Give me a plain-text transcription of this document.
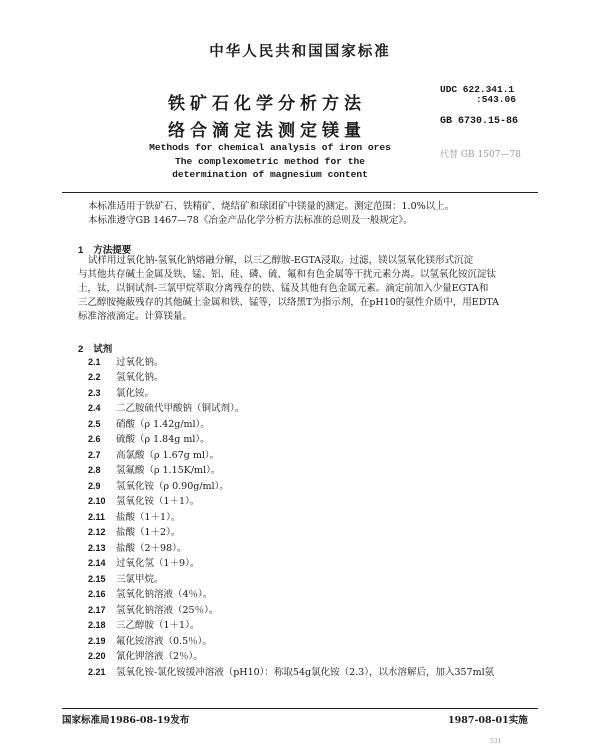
中华人民共和国国家标准
铁矿石化学分析方法
络合滴定法测定镁量
UDC 622.341.1
:543.06
GB 6730.15-86
代替 GB 1507—78
Methods for chemical analysis of iron ores
The complexometric method for the
determination of magnesium content
本标准适用于铁矿石、铁精矿、烧结矿和球团矿中镁量的测定。测定范围：1.0%以上。
本标准遵守GB 1467—78《冶金产品化学分析方法标准的总则及一般规定》。
1 方法提要
试样用过氧化钠-氢氧化钠熔融分解，以三乙醇胺-EGTA浸取。过滤，镁以氢氧化镁形式沉淀
与其他共存碱土金属及铁、锰、铝、硅、磷、硫、氟和有色金属等干扰元素分离。以氢氧化铵沉淀钛
土，钛，以铜试剂-三氯甲烷萃取分离残存的铁、锰及其他有色金属元素。滴定前加入少量EGTA和
三乙醇胺掩蔽残存的其他碱土金属和铁、锰等，以络黑T为指示剂，在pH10的氨性介质中，用EDTA
标准溶液滴定。计算镁量。
2 试剂
2.1 过氧化钠。
2.2 氢氧化钠。
2.3 氯化铵。
2.4 二乙胺硫代甲酸钠（铜试剂）。
2.5 硝酸（ρ 1.42g/ml）。
2.6 硫酸（ρ 1.84g ml）。
2.7 高氯酸（ρ 1.67g ml）。
2.8 氢氟酸（ρ 1.15K/ml）。
2.9 氢氧化铵（ρ 0.90g/ml）。
2.10 氢氧化铵（1＋1）。
2.11 盐酸（1＋1）。
2.12 盐酸（1＋2）。
2.13 盐酸（2＋98）。
2.14 过氧化氢（1＋9）。
2.15 三氯甲烷。
2.16 氢氧化钠溶液（4％）。
2.17 氢氧化钠溶液（25％）。
2.18 三乙醇胺（1＋1）。
2.19 氟化铵溶液（0.5％）。
2.20 氰化钾溶液（2％）。
2.21 氢氧化铵-氯化铵缓冲溶液（pH10）：称取54g氯化铵（2.3），以水溶解后，加入357ml氨
国家标准局1986-08-19发布	1987-08-01实施
531
